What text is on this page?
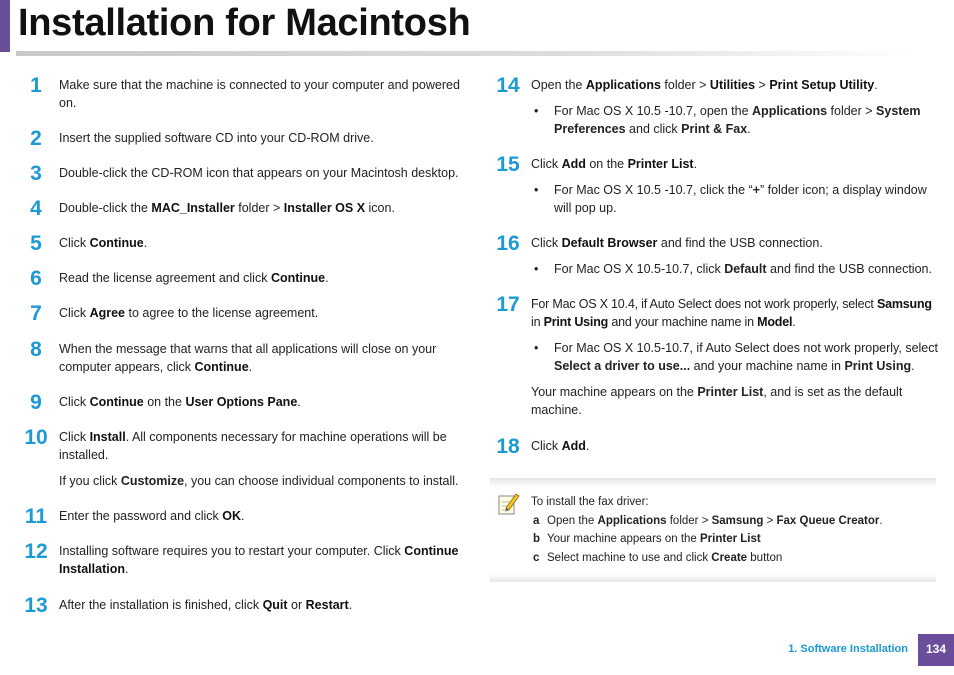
Installation for Macintosh
1	Make sure that the machine is connected to your computer and powered on.

2	Insert the supplied software CD into your CD-ROM drive.

3	Double-click the CD-ROM icon that appears on your Macintosh desktop.

4	Double-click the MAC_Installer folder > Installer OS X icon.

5	Click Continue.

6	Read the license agreement and click Continue.

7	Click Agree to agree to the license agreement.

8	When the message that warns that all applications will close on your computer appears, click Continue.

9	Click Continue on the User Options Pane.

10 Click Install. All components necessary for machine operations will be installed.

If you click Customize, you can choose individual components to install.
11 Enter the password and click OK.

12 Installing software requires you to restart your computer. Click Continue Installation.

13 After the installation is finished, click Quit or Restart.

14 Open the Applications folder > Utilities > Print Setup Utility.

• For Mac OS X 10.5 -10.7, open the Applications folder > System Preferences and click Print & Fax.
15 Click Add on the Printer List.

• For Mac OS X 10.5 -10.7, click the “+” folder icon; a display window will pop up.
16 Click Default Browser and find the USB connection.

• For Mac OS X 10.5-10.7, click Default and find the USB connection.
17 For Mac OS X 10.4, if Auto Select does not work properly, select Samsung in Print Using and your machine name in Model.

• For Mac OS X 10.5-10.7, if Auto Select does not work properly, select Select a driver to use... and your machine name in Print Using.
Your machine appears on the Printer List, and is set as the default machine.
18 Click Add.

To install the fax driver:
a Open the Applications folder > Samsung > Fax Queue Creator.
b Your machine appears on the Printer List
c Select machine to use and click Create button
1. Software Installation	134
